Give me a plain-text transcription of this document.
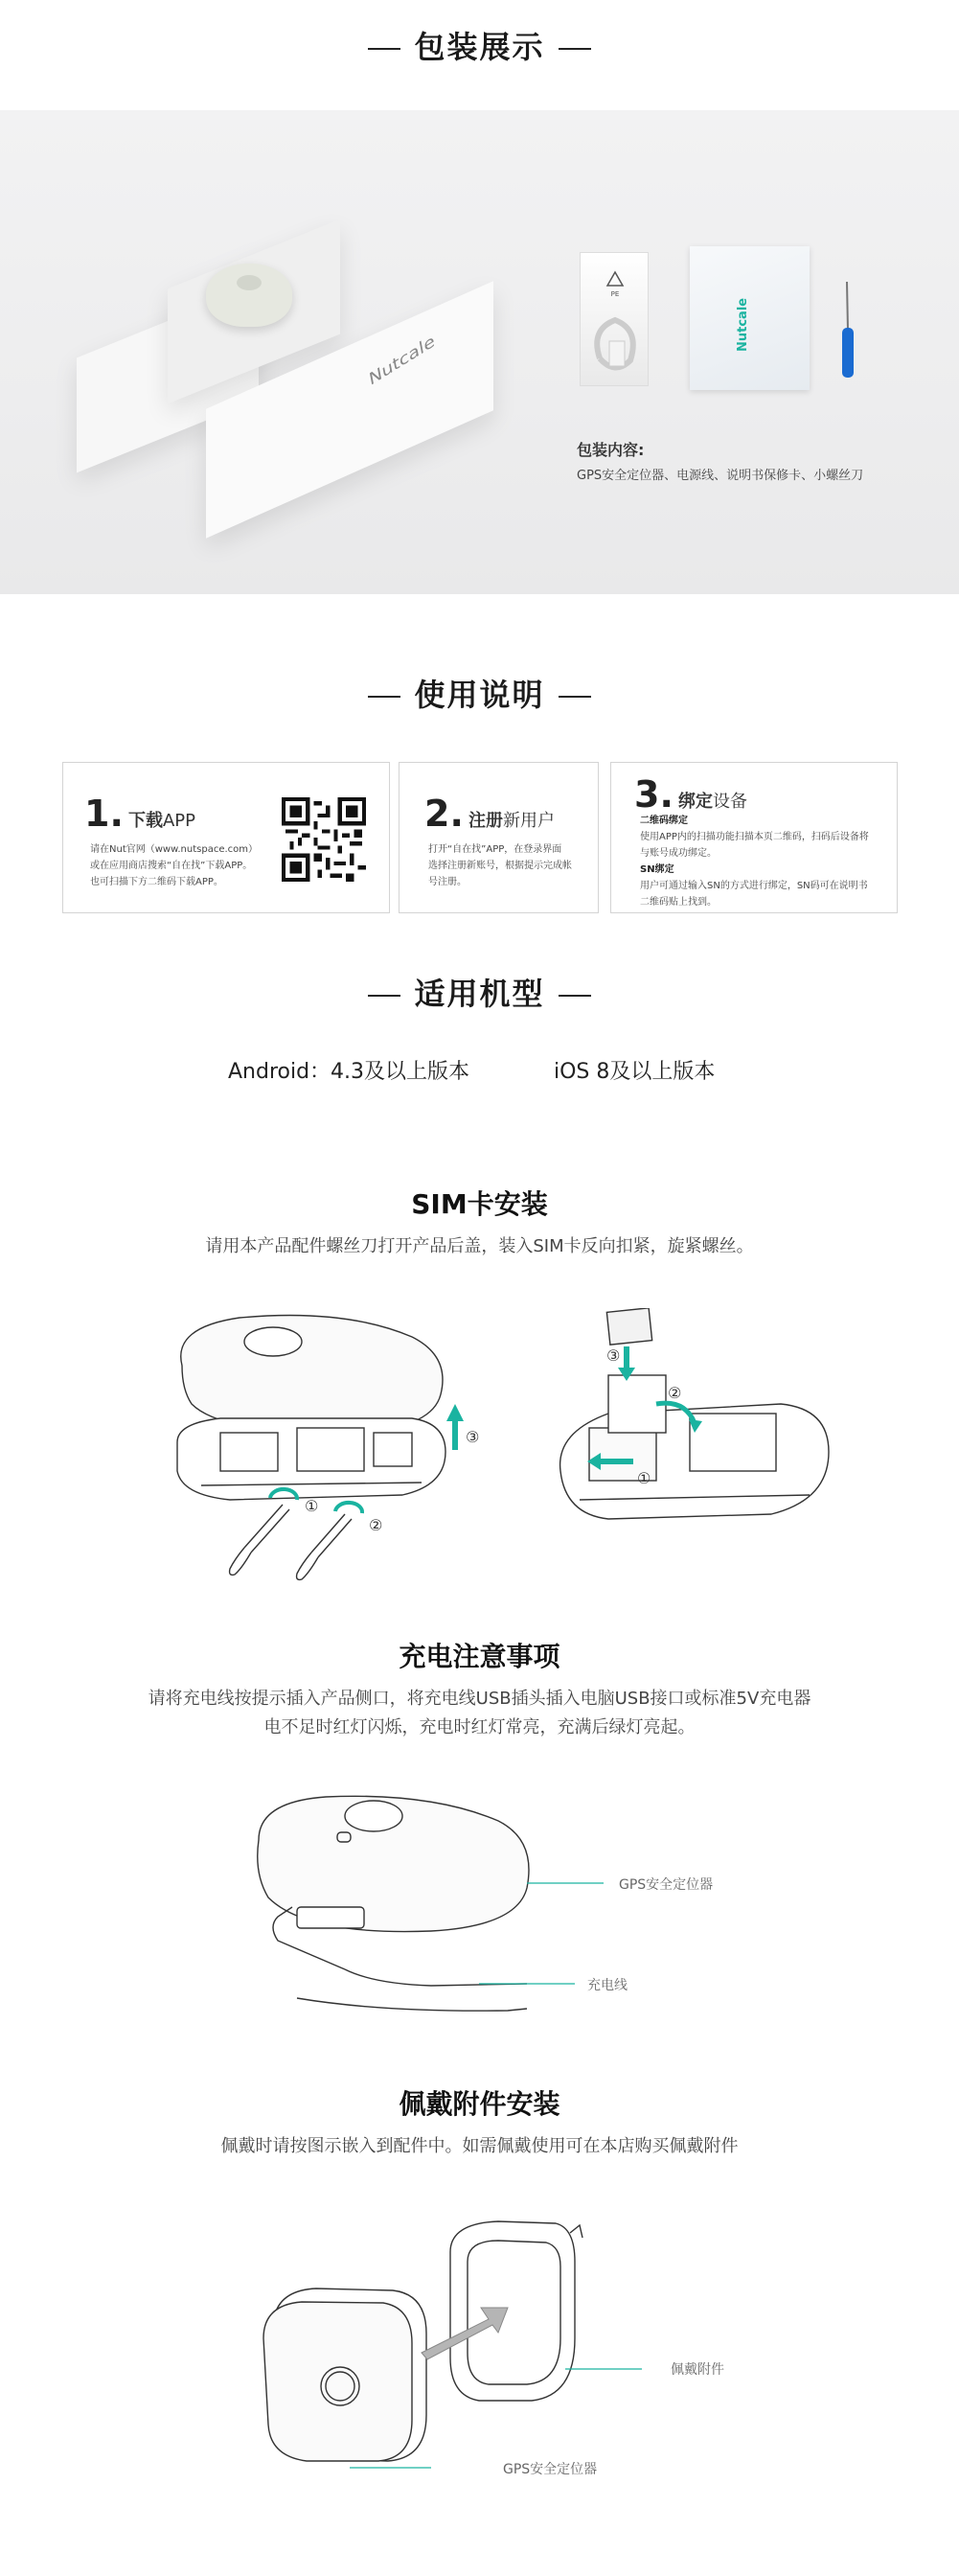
包装展示
Nutcale
PE
Nutcale
包装内容:
GPS安全定位器、电源线、说明书保修卡、小螺丝刀
使用说明
1. 下载APP
请在Nut官网（www.nutspace.com）
或在应用商店搜索“自在找”下载APP。
也可扫描下方二维码下载APP。
2. 注册新用户
打开“自在找”APP，在登录界面
选择注册新账号，根据提示完成帐
号注册。
3. 绑定设备
二维码绑定
使用APP内的扫描功能扫描本页二维码，扫码后设备将
与账号成功绑定。
SN绑定
用户可通过输入SN的方式进行绑定，SN码可在说明书
二维码贴上找到。
适用机型
Android：4.3及以上版本	iOS 8及以上版本
SIM卡安装
请用本产品配件螺丝刀打开产品后盖，装入SIM卡反向扣紧，旋紧螺丝。
①
②
③
③
②
①
充电注意事项
请将充电线按提示插入产品侧口，将充电线USB插头插入电脑USB接口或标准5V充电器
电不足时红灯闪烁，充电时红灯常亮，充满后绿灯亮起。
GPS安全定位器
充电线
佩戴附件安装
佩戴时请按图示嵌入到配件中。如需佩戴使用可在本店购买佩戴附件
佩戴附件
GPS安全定位器
